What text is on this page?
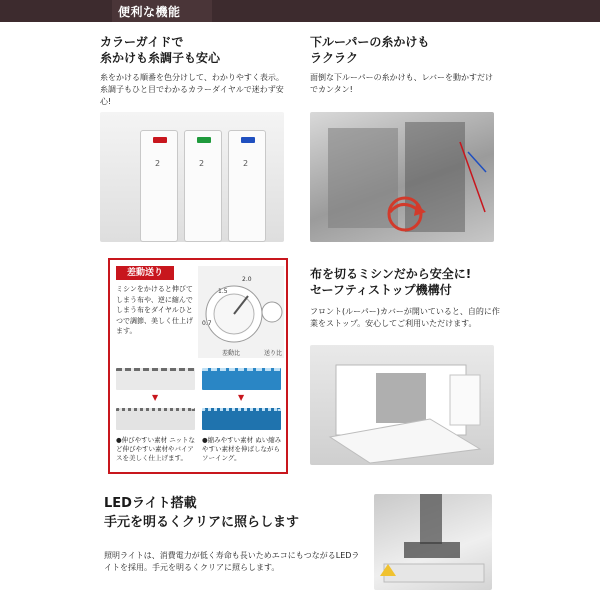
便利な機能
カラーガイドで
糸かけも糸調子も安心
糸をかける順番を色分けして、わかりやすく表示。糸調子もひと目でわかるカラーダイヤルで迷わず安心!
2	2	2
下ルーパーの糸かけも
ラクラク
面倒な下ルーパーの糸かけも、レバーを動かすだけでカンタン!
差動送り
ミシンをかけると伸びてしまう布や、逆に縮んでしまう布をダイヤルひとつで調節、美しく仕上げます。
2.0
1.5
0.7
差動比	送り比
▼	▼
●伸びやすい素材 ニットなど伸びやすい素材やバイアスを美しく仕上げます。
●縮みやすい素材 ぬい縮みやすい素材を伸ばしながらソーイング。
布を切るミシンだから安全に!
セーフティストップ機構付
フロント(ルーパー)カバーが開いていると、自的に作業をストップ。安心してご利用いただけます。
LEDライト搭載
手元を明るくクリアに照らします
照明ライトは、消費電力が低く寿命も長いためエコにもつながるLEDライトを採用。手元を明るくクリアに照らします。
